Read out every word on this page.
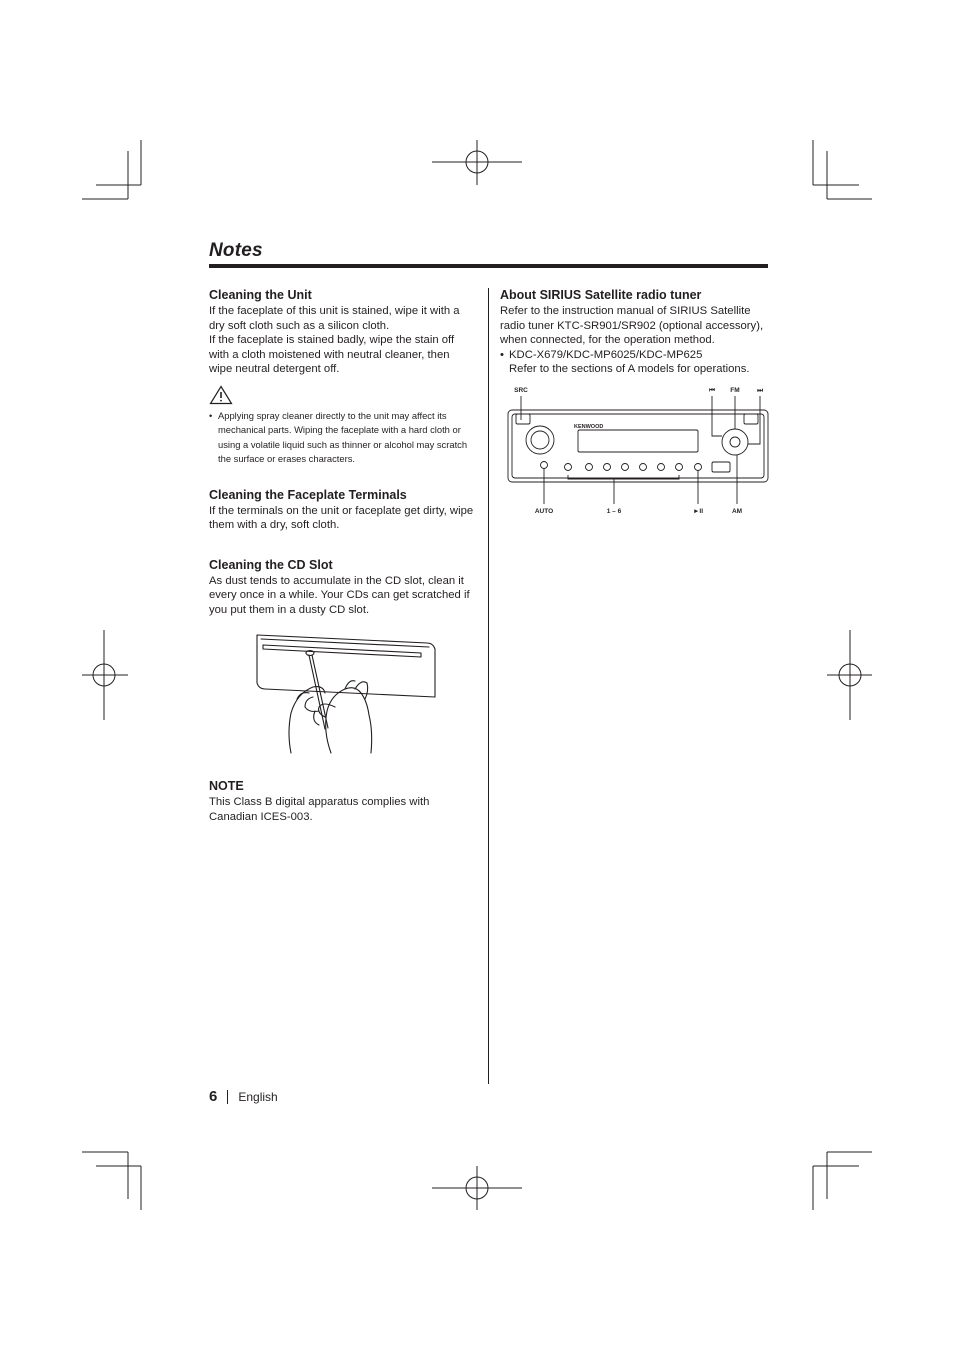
Notes
Cleaning the Unit

If the faceplate of this unit is stained, wipe it with a dry soft cloth such as a silicon cloth.

If the faceplate is stained badly, wipe the stain off with a cloth moistened with neutral cleaner, then wipe neutral detergent off.

• Applying spray cleaner directly to the unit may affect its mechanical parts. Wiping the faceplate with a hard cloth or using a volatile liquid such as thinner or alcohol may scratch the surface or erases characters.
Cleaning the Faceplate Terminals

If the terminals on the unit or faceplate get dirty, wipe them with a dry, soft cloth.

Cleaning the CD Slot

As dust tends to accumulate in the CD slot, clean it every once in a while. Your CDs can get scratched if you put them in a dusty CD slot.

NOTE

This Class B digital apparatus complies with Canadian ICES-003.

About SIRIUS Satellite radio tuner

Refer to the instruction manual of SIRIUS Satellite radio tuner KTC-SR901/SR902 (optional accessory), when connected, for the operation method.

• KDC-X679/KDC-MP6025/KDC-MP625
Refer to the sections of A models for operations.
SRC	⏮ FM	⏭
AUTO	1 – 6	►II	AM
KENWOOD
6 English
